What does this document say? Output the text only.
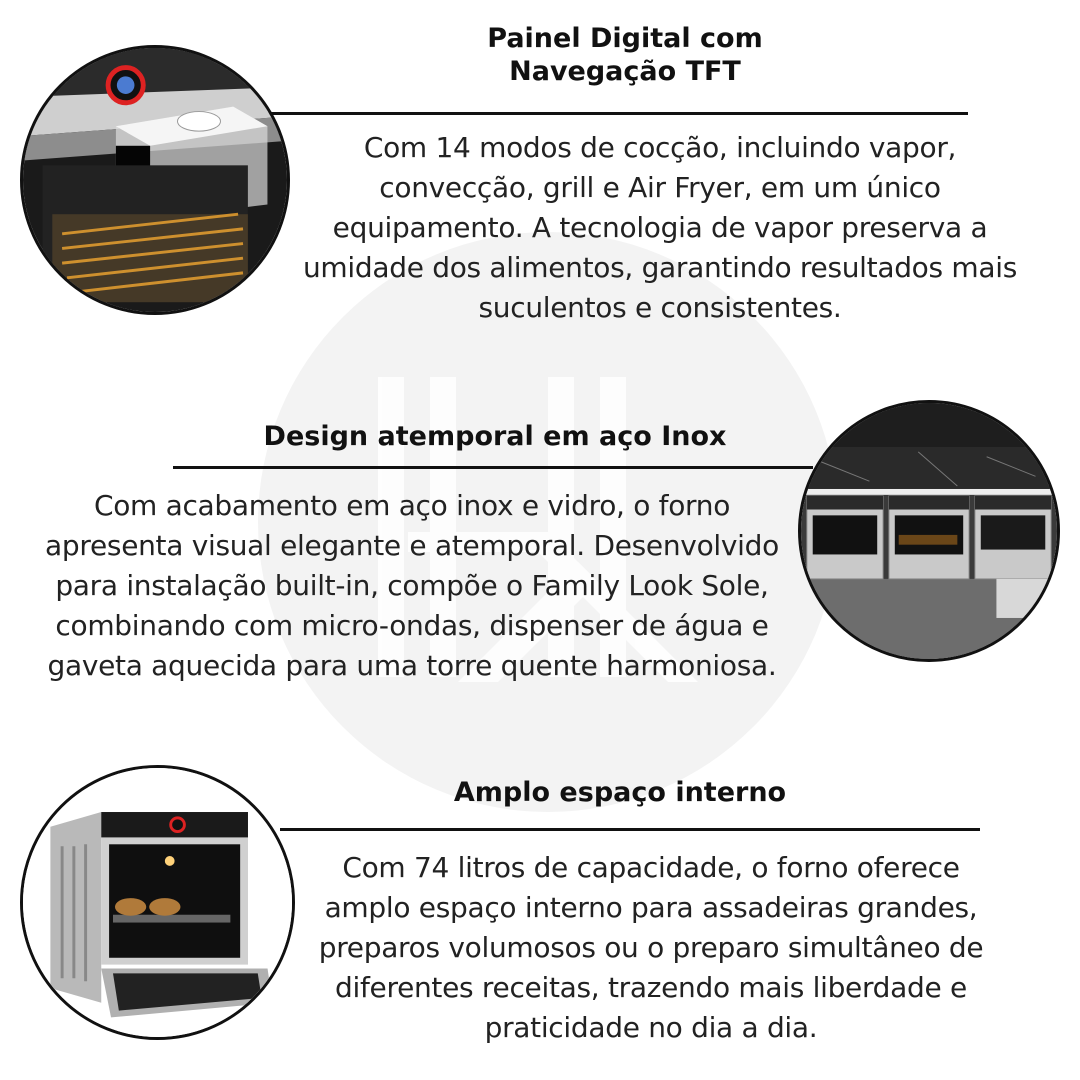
Painel Digital com
Navegação TFT
Com 14 modos de cocção, incluindo vapor, convecção, grill e Air Fryer, em um único equipamento. A tecnologia de vapor preserva a umidade dos alimentos, garantindo resultados mais suculentos e consistentes.
Design atemporal em aço Inox
Com acabamento em aço inox e vidro, o forno apresenta visual elegante e atemporal. Desenvolvido para instalação built-in, compõe o Family Look Sole, combinando com micro-ondas, dispenser de água e gaveta aquecida para uma torre quente harmoniosa.
Amplo espaço interno
Com 74 litros de capacidade, o forno oferece amplo espaço interno para assadeiras grandes, preparos volumosos ou o preparo simultâneo de diferentes receitas, trazendo mais liberdade e praticidade no dia a dia.
